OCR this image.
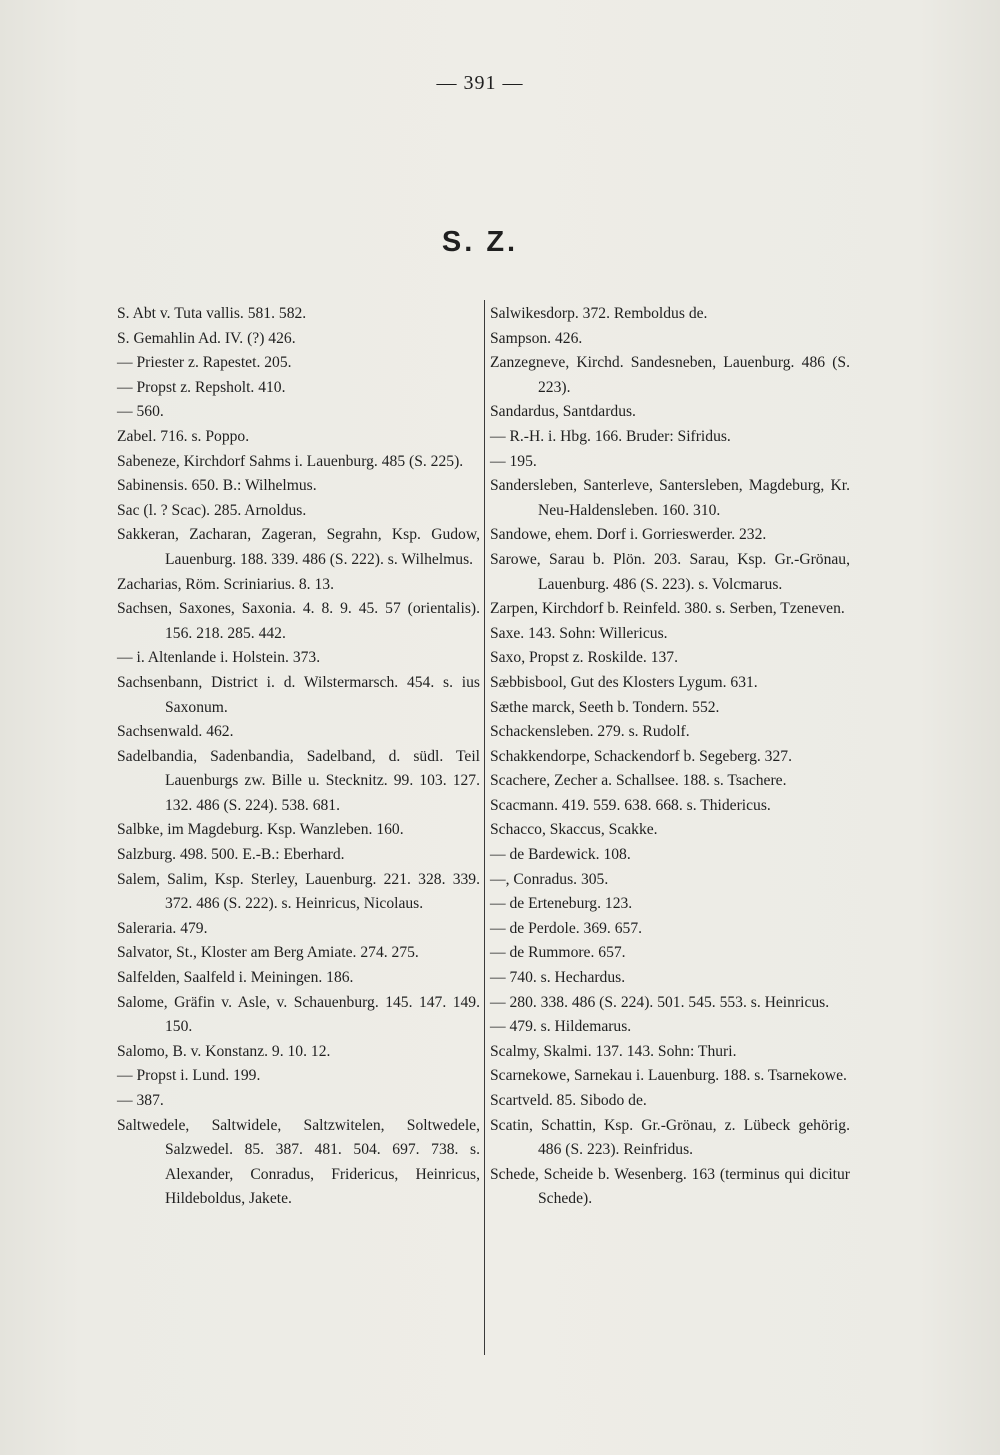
— 391 —
S. Z.
S. Abt v. Tuta vallis. 581. 582.
S. Gemahlin Ad. IV. (?) 426.
— Priester z. Rapestet. 205.
— Propst z. Repsholt. 410.
— 560.
Zabel. 716. s. Poppo.
Sabeneze, Kirchdorf Sahms i. Lauenburg. 485 (S. 225).
Sabinensis. 650. B.: Wilhelmus.
Sac (l. ? Scac). 285. Arnoldus.
Sakkeran, Zacharan, Zageran, Segrahn, Ksp. Gudow, Lauenburg. 188. 339. 486 (S. 222). s. Wilhelmus.
Zacharias, Röm. Scriniarius. 8. 13.
Sachsen, Saxones, Saxonia. 4. 8. 9. 45. 57 (orientalis). 156. 218. 285. 442.
— i. Altenlande i. Holstein. 373.
Sachsenbann, District i. d. Wilstermarsch. 454. s. ius Saxonum.
Sachsenwald. 462.
Sadelbandia, Sadenbandia, Sadelband, d. südl. Teil Lauenburgs zw. Bille u. Stecknitz. 99. 103. 127. 132. 486 (S. 224). 538. 681.
Salbke, im Magdeburg. Ksp. Wanzleben. 160.
Salzburg. 498. 500. E.-B.: Eberhard.
Salem, Salim, Ksp. Sterley, Lauenburg. 221. 328. 339. 372. 486 (S. 222). s. Heinricus, Nicolaus.
Saleraria. 479.
Salvator, St., Kloster am Berg Amiate. 274. 275.
Salfelden, Saalfeld i. Meiningen. 186.
Salome, Gräfin v. Asle, v. Schauenburg. 145. 147. 149. 150.
Salomo, B. v. Konstanz. 9. 10. 12.
— Propst i. Lund. 199.
— 387.
Saltwedele, Saltwidele, Saltzwitelen, Soltwedele, Salzwedel. 85. 387. 481. 504. 697. 738. s. Alexander, Conradus, Fridericus, Heinricus, Hildeboldus, Jakete.
Salwikesdorp. 372. Remboldus de.
Sampson. 426.
Zanzegneve, Kirchd. Sandesneben, Lauenburg. 486 (S. 223).
Sandardus, Santdardus.
— R.-H. i. Hbg. 166. Bruder: Sifridus.
— 195.
Sandersleben, Santerleve, Santersleben, Magdeburg, Kr. Neu-Haldensleben. 160. 310.
Sandowe, ehem. Dorf i. Gorrieswerder. 232.
Sarowe, Sarau b. Plön. 203. Sarau, Ksp. Gr.-Grönau, Lauenburg. 486 (S. 223). s. Volcmarus.
Zarpen, Kirchdorf b. Reinfeld. 380. s. Serben, Tzeneven.
Saxe. 143. Sohn: Willericus.
Saxo, Propst z. Roskilde. 137.
Sæbbisbool, Gut des Klosters Lygum. 631.
Sæthe marck, Seeth b. Tondern. 552.
Schackensleben. 279. s. Rudolf.
Schakkendorpe, Schackendorf b. Segeberg. 327.
Scachere, Zecher a. Schallsee. 188. s. Tsachere.
Scacmann. 419. 559. 638. 668. s. Thidericus.
Schacco, Skaccus, Scakke.
— de Bardewick. 108.
—, Conradus. 305.
— de Erteneburg. 123.
— de Perdole. 369. 657.
— de Rummore. 657.
— 740. s. Hechardus.
— 280. 338. 486 (S. 224). 501. 545. 553. s. Heinricus.
— 479. s. Hildemarus.
Scalmy, Skalmi. 137. 143. Sohn: Thuri.
Scarnekowe, Sarnekau i. Lauenburg. 188. s. Tsarnekowe.
Scartveld. 85. Sibodo de.
Scatin, Schattin, Ksp. Gr.-Grönau, z. Lübeck gehörig. 486 (S. 223). Reinfridus.
Schede, Scheide b. Wesenberg. 163 (terminus qui dicitur Schede).
